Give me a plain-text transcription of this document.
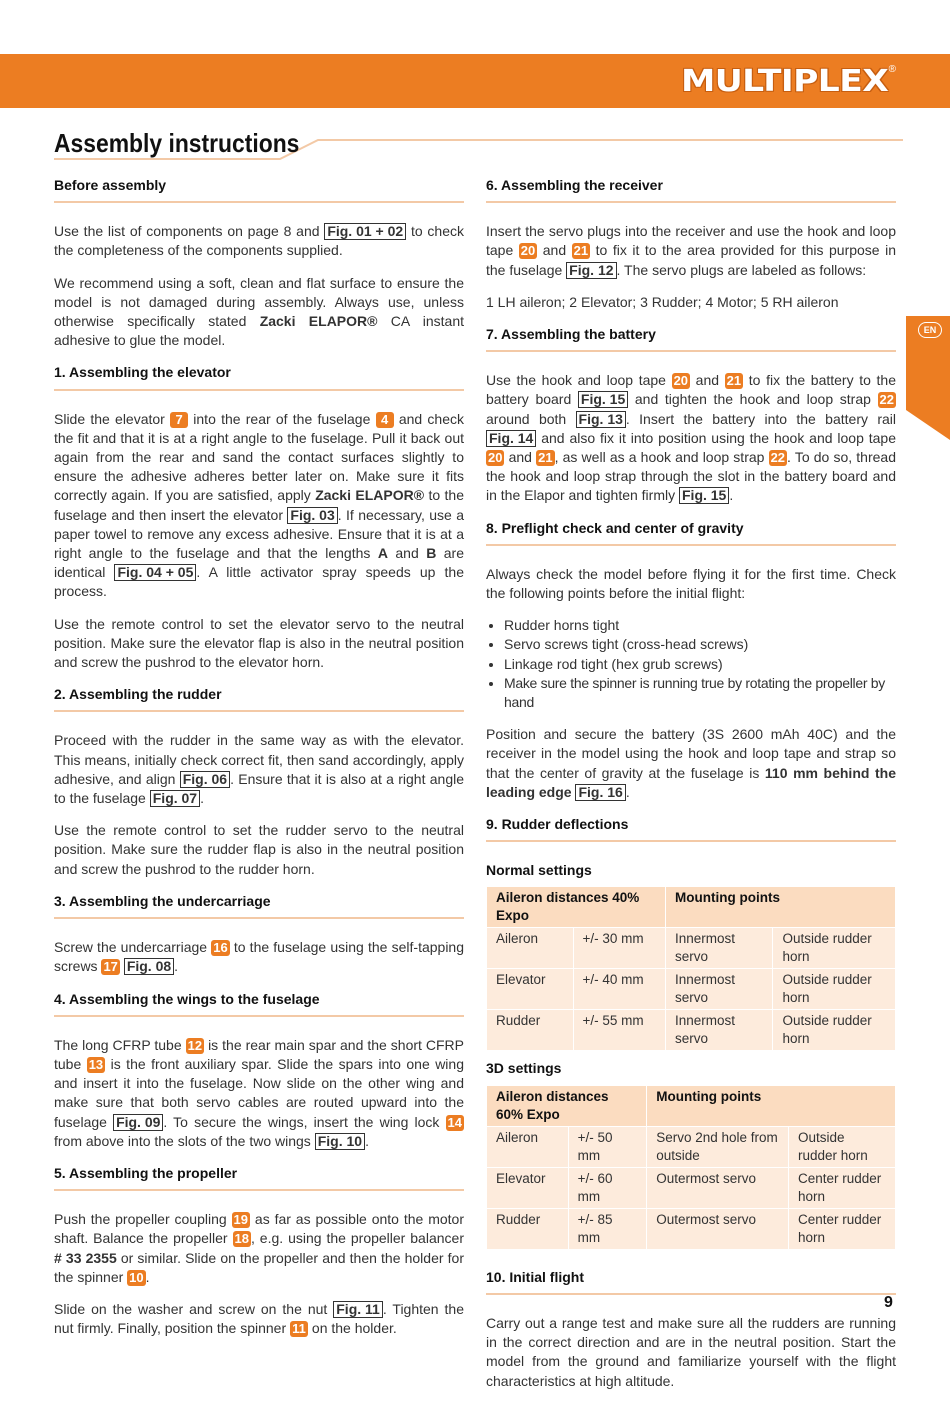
MULTIPLEX ®
Assembly instructions
EN
Before assembly

Use the list of components on page 8 and Fig. 01 + 02 to check the completeness of the components supplied.

We recommend using a soft, clean and flat surface to ensure the model is not damaged during assembly. Always use, unless otherwise specifically stated Zacki ELAPOR® CA instant adhesive to glue the model.

1. Assembling the elevator

Slide the elevator 7 into the rear of the fuselage 4 and check the fit and that it is at a right angle to the fuselage. Pull it back out again from the rear and sand the contact surfaces slightly to ensure the adhesive adheres better later on. Make sure it fits correctly again. If you are satisfied, apply Zacki ELAPOR® to the fuselage and then insert the elevator Fig. 03 . If necessary, use a paper towel to remove any excess adhesive. Ensure that it is at a right angle to the fuselage and that the lengths A and B are identical Fig. 04 + 05 . A little activator spray speeds up the process.

Use the remote control to set the elevator servo to the neutral position. Make sure the elevator flap is also in the neutral position and screw the pushrod to the elevator horn.

2. Assembling the rudder

Proceed with the rudder in the same way as with the elevator. This means, initially check correct fit, then sand accordingly, apply adhesive, and align Fig. 06 . Ensure that it is also at a right angle to the fuselage Fig. 07 .

Use the remote control to set the rudder servo to the neutral position. Make sure the rudder flap is also in the neutral position and screw the pushrod to the rudder horn.

3. Assembling the undercarriage

Screw the undercarriage 16 to the fuselage using the self-tapping screws 17 Fig. 08 .

4. Assembling the wings to the fuselage

The long CFRP tube 12 is the rear main spar and the short CFRP tube 13 is the front auxiliary spar. Slide the spars into one wing and insert it into the fuselage. Now slide on the other wing and make sure that both servo cables are routed upward into the fuselage Fig. 09 . To secure the wings, insert the wing lock 14 from above into the slots of the two wings Fig. 10 .

5. Assembling the propeller

Push the propeller coupling 19 as far as possible onto the motor shaft. Balance the propeller 18 , e.g. using the propeller balancer # 33 2355 or similar. Slide on the propeller and then the holder for the spinner 10 .

Slide on the washer and screw on the nut Fig. 11 . Tighten the nut firmly. Finally, position the spinner 11 on the holder.

6. Assembling the receiver

Insert the servo plugs into the receiver and use the hook and loop tape 20 and 21 to fix it to the area provided for this purpose in the fuselage Fig. 12 . The servo plugs are labeled as follows:

1 LH aileron; 2 Elevator; 3 Rudder; 4 Motor; 5 RH aileron

7. Assembling the battery

Use the hook and loop tape 20 and 21 to fix the battery to the battery board Fig. 15 and tighten the hook and loop strap 22 around both Fig. 13 . Insert the battery into the battery rail Fig. 14 and also fix it into position using the hook and loop tape 20 and 21 , as well as a hook and loop strap 22 . To do so, thread the hook and loop strap through the slot in the battery board and in the Elapor and tighten firmly Fig. 15 .

8. Preflight check and center of gravity

Always check the model before flying it for the first time. Check the following points before the initial flight:

• Rudder horns tight
• Servo screws tight (cross-head screws)
• Linkage rod tight (hex grub screws)
• Make sure the spinner is running true by rotating the propeller by hand

Position and secure the battery (3S 2600 mAh 40C) and the receiver in the model using the hook and loop tape and strap so that the center of gravity at the fuselage is 110 mm behind the leading edge Fig. 16 .

9. Rudder deflections
Normal settings
Aileron distances 40% Expo		Mounting points	
Aileron	+/- 30 mm	Innermost servo	Outside rudder horn
Elevator	+/- 40 mm	Innermost servo	Outside rudder horn
Rudder	+/- 55 mm	Innermost servo	Outside rudder horn
3D settings
Aileron distances 60% Expo		Mounting points	
Aileron	+/- 50 mm	Servo 2nd hole from outside	Outside rudder horn
Elevator	+/- 60 mm	Outermost servo	Center rudder horn
Rudder	+/- 85 mm	Outermost servo	Center rudder horn
10. Initial flight

Carry out a range test and make sure all the rudders are running in the correct direction and are in the neutral position. Start the model from the ground and familiarize yourself with the flight characteristics at high altitude.

9
